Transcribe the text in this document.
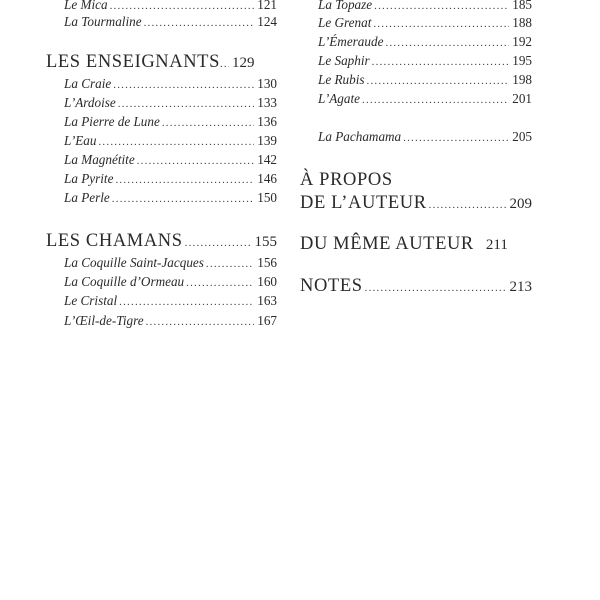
Le Mica .....	121
La Tourmaline .....	124
LES ENSEIGNANTS ..... 129
La Craie .....	130
L’Ardoise .....	133
La Pierre de Lune .....	136
L’Eau .....	139
La Magnétite .....	142
La Pyrite .....	146
La Perle .....	150
LES CHAMANS .....	155
La Coquille Saint-Jacques .....	156
La Coquille d’Ormeau .....	160
Le Cristal .....	163
L’Œil-de-Tigre .....	167
La Topaze .....	185
Le Grenat .....	188
L’Émeraude .....	192
Le Saphir .....	195
Le Rubis .....	198
L’Agate .....	201
La Pachamama .....	205
À PROPOS
DE L’AUTEUR .....	209
DU MÊME AUTEUR 211
NOTES .....	213
